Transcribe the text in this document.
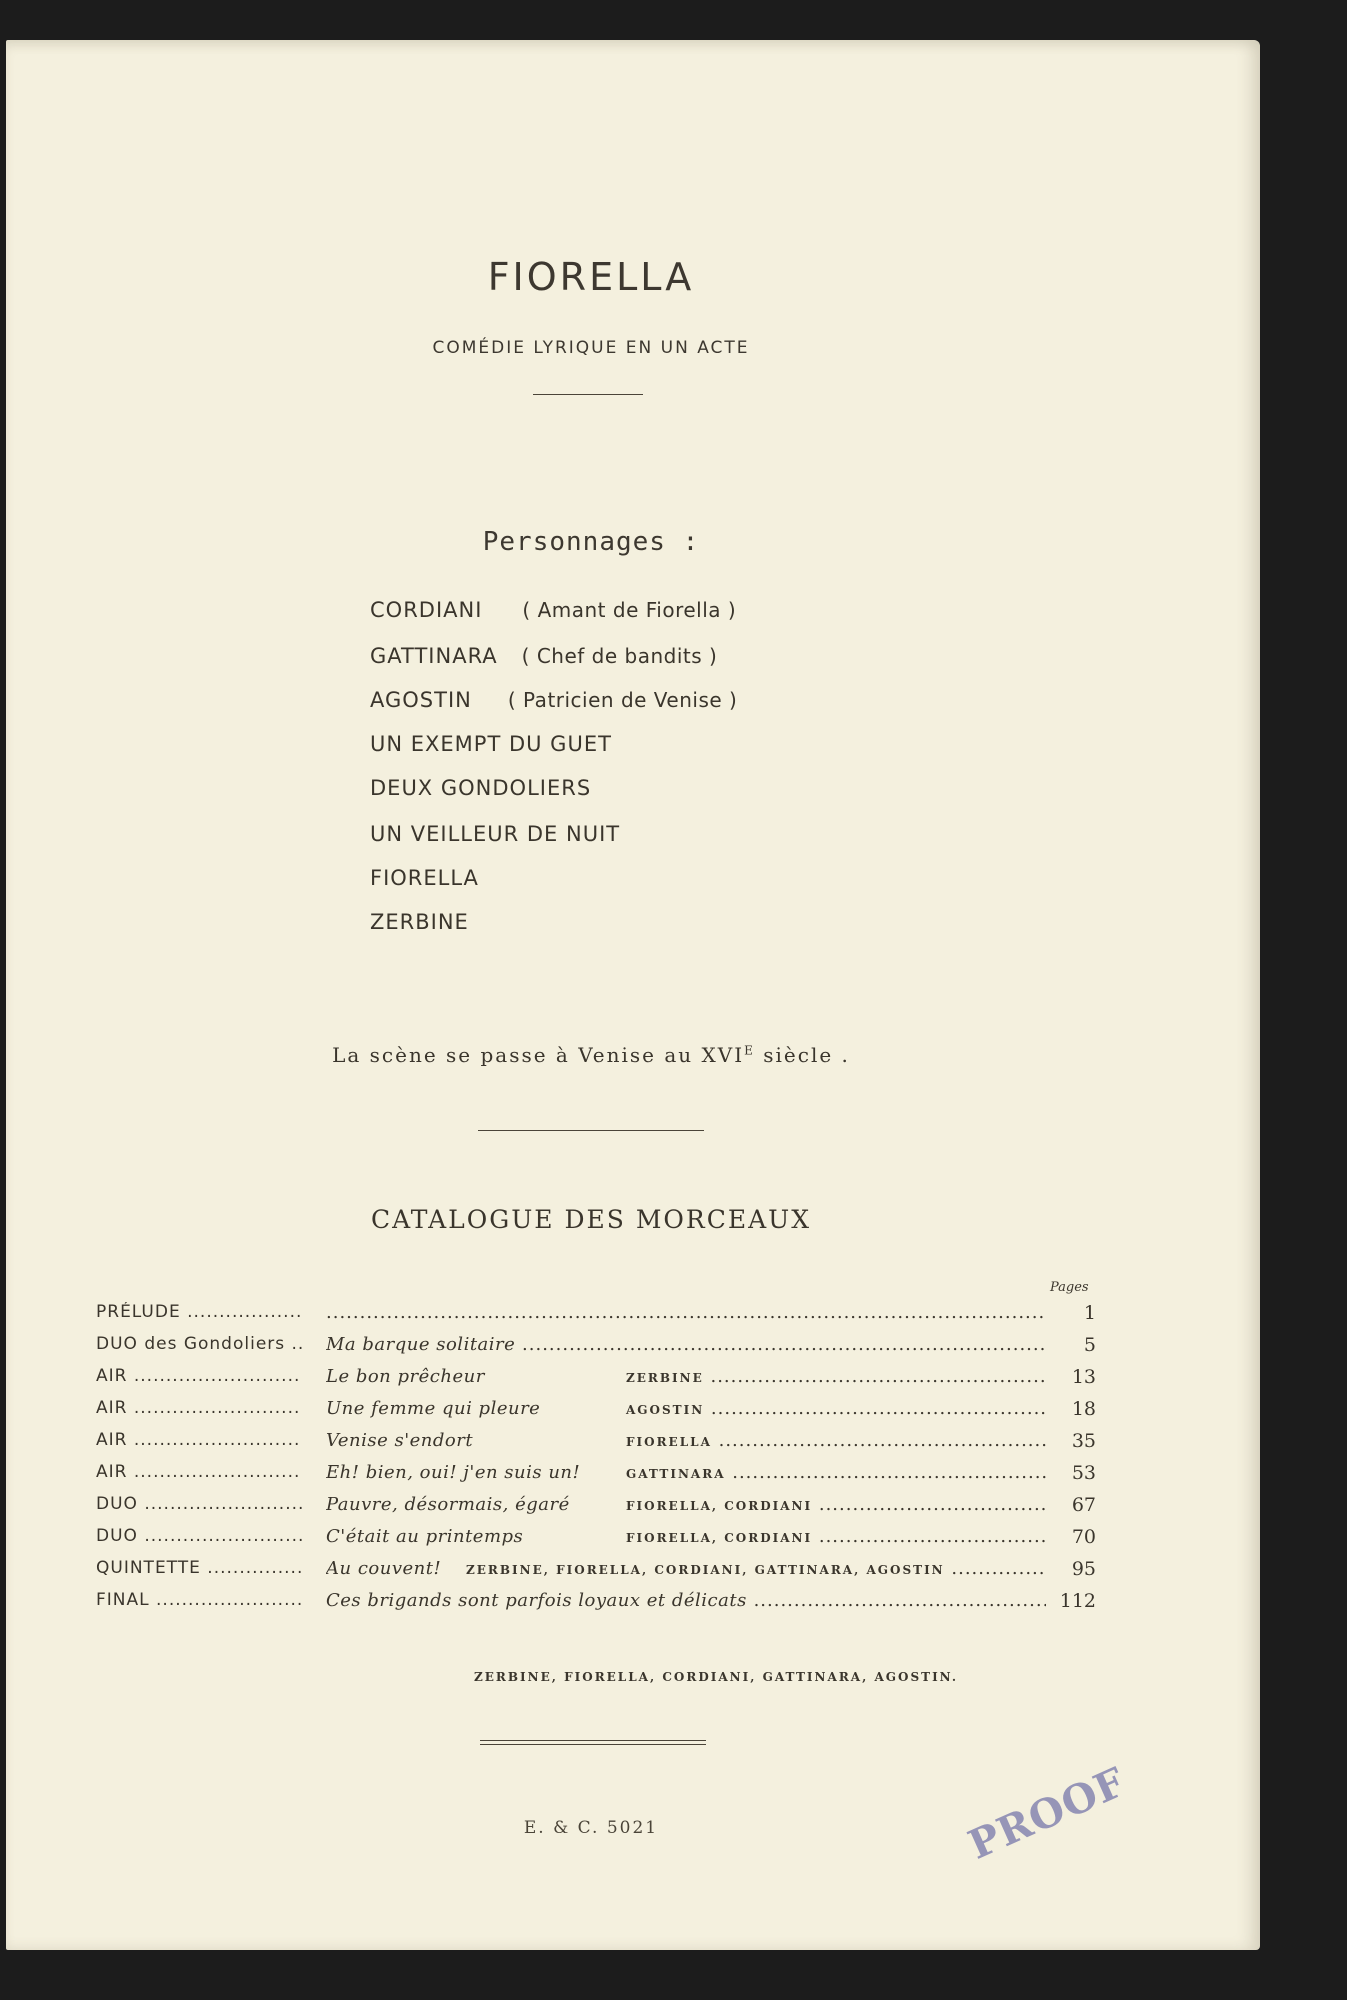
FIORELLA
COMÉDIE LYRIQUE EN UN ACTE
Personnages :
CORDIANI ( Amant de Fiorella )
GATTINARA ( Chef de bandits )
AGOSTIN ( Patricien de Venise )
UN EXEMPT DU GUET
DEUX GONDOLIERS
UN VEILLEUR DE NUIT
FIORELLA
ZERBINE
La scène se passe à Venise au $XVI^E$ siècle .
CATALOGUE DES MORCEAUX
Pages
PRÉLUDE ..... .....	1
DUO des Gondoliers .....	Ma barque solitaire .....	5
AIR .....	Le bon prêcheur	ZERBINE .....	13
AIR .....	Une femme qui pleure	AGOSTIN .....	18
AIR .....	Venise s'endort	FIORELLA .....	35
AIR .....	Eh! bien, oui! j'en suis un!	GATTINARA .....	53
DUO .....	Pauvre, désormais, égaré	FIORELLA, CORDIANI .....	67
DUO .....	C'était au printemps	FIORELLA, CORDIANI .....	70
QUINTETTE .....	Au couvent! ZERBINE, FIORELLA, CORDIANI, GATTINARA, AGOSTIN .....	95
FINAL .....	Ces brigands sont parfois loyaux et délicats .....	112
ZERBINE, FIORELLA, CORDIANI, GATTINARA, AGOSTIN.
E. & C. 5021	PROOF
